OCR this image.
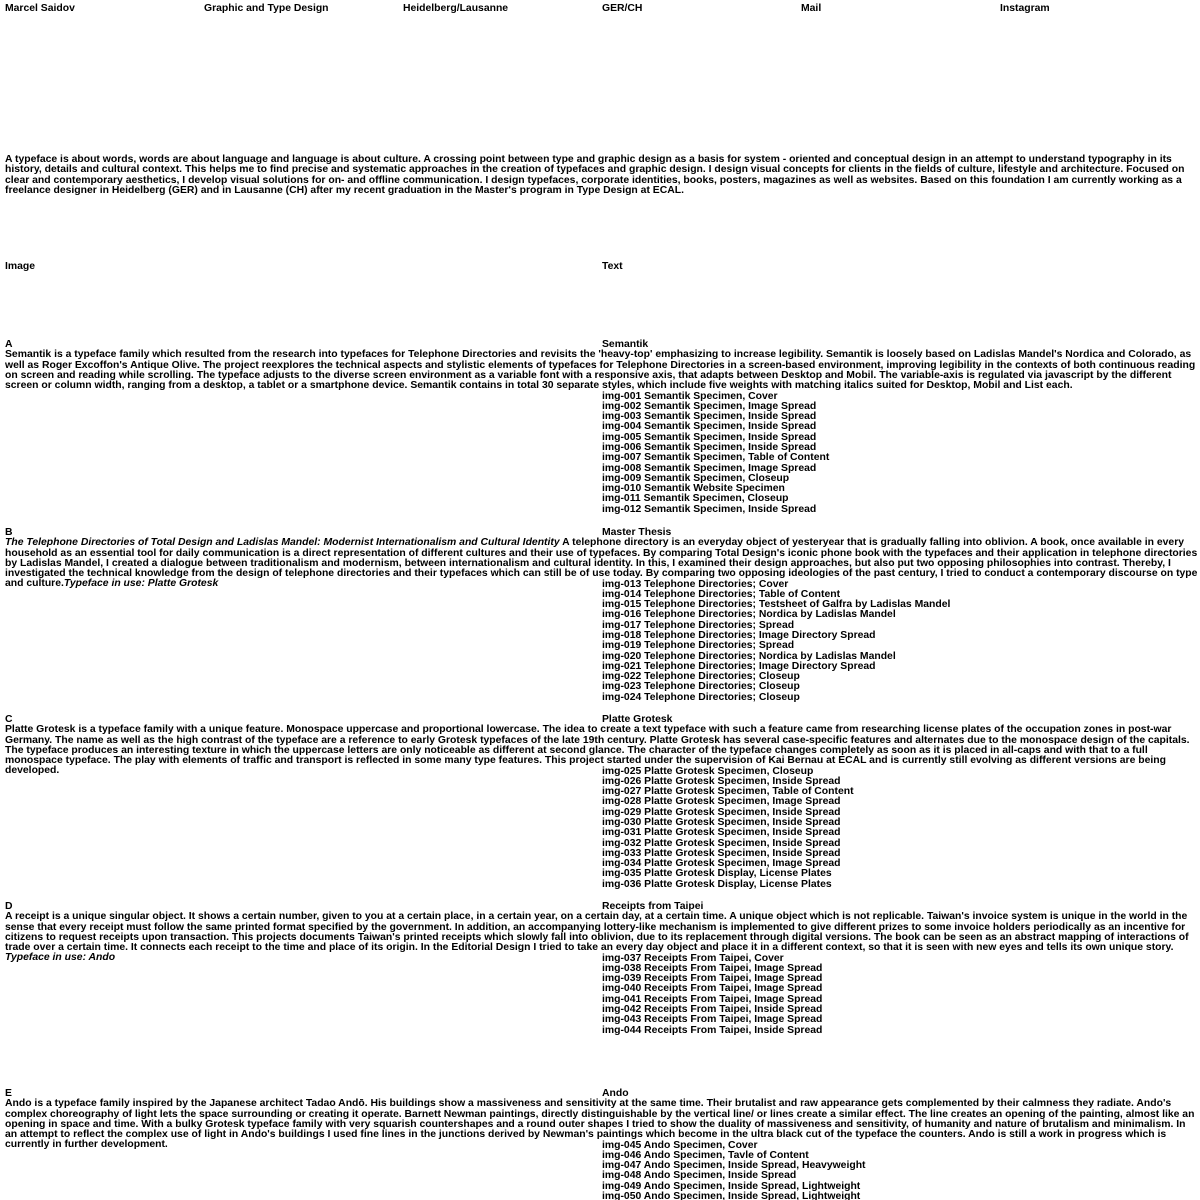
Marcel Saidov	Graphic and Type Design	Heidelberg/Lausanne	GER/CH	Mail	Instagram
A typeface is about words, words are about language and language is about culture. A crossing point between type and graphic design as a basis for system - oriented and conceptual design in an attempt to understand typography in its history, details and cultural context. This helps me to find precise and systematic approaches in the creation of typefaces and graphic design. I design visual concepts for clients in the fields of culture, lifestyle and architecture. Focused on clear and contemporary aesthetics, I develop visual solutions for on- and offline communication. I design typefaces, corporate identities, books, posters, magazines as well as websites. Based on this foundation I am currently working as a freelance designer in Heidelberg (GER) and in Lausanne (CH) after my recent graduation in the Master's program in Type Design at ECAL.
Image	Text
A	Semantik
Semantik is a typeface family which resulted from the research into typefaces for Telephone Directories and revisits the 'heavy-top' emphasizing to increase legibility. Semantik is loosely based on Ladislas Mandel's Nordica and Colorado, as well as Roger Excoffon's Antique Olive. The project reexplores the technical aspects and stylistic elements of typefaces for Telephone Directories in a screen-based environment, improving legibility in the contexts of both continuous reading on screen and reading while scrolling. The typeface adjusts to the diverse screen environment as a variable font with a responsive axis, that adapts between Desktop and Mobil. The variable-axis is regulated via javascript by the different screen or column width, ranging from a desktop, a tablet or a smartphone device. Semantik contains in total 30 separate styles, which include five weights with matching italics suited for Desktop, Mobil and List each.
img-001 Semantik Specimen, Cover
img-002 Semantik Specimen, Image Spread
img-003 Semantik Specimen, Inside Spread
img-004 Semantik Specimen, Inside Spread
img-005 Semantik Specimen, Inside Spread
img-006 Semantik Specimen, Inside Spread
img-007 Semantik Specimen, Table of Content
img-008 Semantik Specimen, Image Spread
img-009 Semantik Specimen, Closeup
img-010 Semantik Website Specimen
img-011 Semantik Specimen, Closeup
img-012 Semantik Specimen, Inside Spread
B	Master Thesis
The Telephone Directories of Total Design and Ladislas Mandel: Modernist Internationalism and Cultural Identity A telephone directory is an everyday object of yesteryear that is gradually falling into oblivion. A book, once available in every household as an essential tool for daily communication is a direct representation of different cultures and their use of typefaces. By comparing Total Design's iconic phone book with the typefaces and their application in telephone directories by Ladislas Mandel, I created a dialogue between traditionalism and modernism, between internationalism and cultural identity. In this, I examined their design approaches, but also put two opposing philosophies into contrast. Thereby, I investigated the technical knowledge from the design of telephone directories and their typefaces which can still be of use today. By comparing two opposing ideologies of the past century, I tried to conduct a contemporary discourse on type and culture.Typeface in use: Platte Grotesk	img-013 Telephone Directories; Cover
img-014 Telephone Directories; Table of Content
img-015 Telephone Directories; Testsheet of Galfra by Ladislas Mandel
img-016 Telephone Directories; Nordica by Ladislas Mandel
img-017 Telephone Directories; Spread
img-018 Telephone Directories; Image Directory Spread
img-019 Telephone Directories; Spread
img-020 Telephone Directories; Nordica by Ladislas Mandel
img-021 Telephone Directories; Image Directory Spread
img-022 Telephone Directories; Closeup
img-023 Telephone Directories; Closeup
img-024 Telephone Directories; Closeup
C	Platte Grotesk
Platte Grotesk is a typeface family with a unique feature. Monospace uppercase and proportional lowercase. The idea to create a text typeface with such a feature came from researching license plates of the occupation zones in post-war Germany. The name as well as the high contrast of the typeface are a reference to early Grotesk typefaces of the late 19th century. Platte Grotesk has several case-specific features and alternates due to the monospace design of the capitals. The typeface produces an interesting texture in which the uppercase letters are only noticeable as different at second glance. The character of the typeface changes completely as soon as it is placed in all-caps and with that to a full monospace typeface. The play with elements of traffic and transport is reflected in some many type features. This project started under the supervision of Kai Bernau at ECAL and is currently still evolving as different versions are being developed.	img-025 Platte Grotesk Specimen, Closeup
img-026 Platte Grotesk Specimen, Inside Spread
img-027 Platte Grotesk Specimen, Table of Content
img-028 Platte Grotesk Specimen, Image Spread
img-029 Platte Grotesk Specimen, Inside Spread
img-030 Platte Grotesk Specimen, Inside Spread
img-031 Platte Grotesk Specimen, Inside Spread
img-032 Platte Grotesk Specimen, Inside Spread
img-033 Platte Grotesk Specimen, Inside Spread
img-034 Platte Grotesk Specimen, Image Spread
img-035 Platte Grotesk Display, License Plates
img-036 Platte Grotesk Display, License Plates
D	Receipts from Taipei
A receipt is a unique singular object. It shows a certain number, given to you at a certain place, in a certain year, on a certain day, at a certain time. A unique object which is not replicable. Taiwan's invoice system is unique in the world in the sense that every receipt must follow the same printed format specified by the government. In addition, an accompanying lottery-like mechanism is implemented to give different prizes to some invoice holders periodically as an incentive for citizens to request receipts upon transaction. This projects documents Taiwan's printed receipts which slowly fall into oblivion, due to its replacement through digital versions. The book can be seen as an abstract mapping of interactions of trade over a certain time. It connects each receipt to the time and place of its origin. In the Editorial Design I tried to take an every day object and place it in a different context, so that it is seen with new eyes and tells its own unique story. Typeface in use: Ando	img-037 Receipts From Taipei, Cover
img-038 Receipts From Taipei, Image Spread
img-039 Receipts From Taipei, Image Spread
img-040 Receipts From Taipei, Image Spread
img-041 Receipts From Taipei, Image Spread
img-042 Receipts From Taipei, Inside Spread
img-043 Receipts From Taipei, Image Spread
img-044 Receipts From Taipei, Inside Spread
E	Ando
Ando is a typeface family inspired by the Japanese architect Tadao Andō. His buildings show a massiveness and sensitivity at the same time. Their brutalist and raw appearance gets complemented by their calmness they radiate. Ando's complex choreography of light lets the space surrounding or creating it operate. Barnett Newman paintings, directly distinguishable by the vertical line/ or lines create a similar effect. The line creates an opening of the painting, almost like an opening in space and time. With a bulky Grotesk typeface family with very squarish countershapes and a round outer shapes I tried to show the duality of massiveness and sensitivity, of humanity and nature of brutalism and minimalism. In an attempt to reflect the complex use of light in Ando's buildings I used fine lines in the junctions derived by Newman's paintings which become in the ultra black cut of the typeface the counters. Ando is still a work in progress which is currently in further development.	img-045 Ando Specimen, Cover
img-046 Ando Specimen, Tavle of Content
img-047 Ando Specimen, Inside Spread, Heavyweight
img-048 Ando Specimen, Inside Spread
img-049 Ando Specimen, Inside Spread, Lightweight
img-050 Ando Specimen, Inside Spread, Lightweight
